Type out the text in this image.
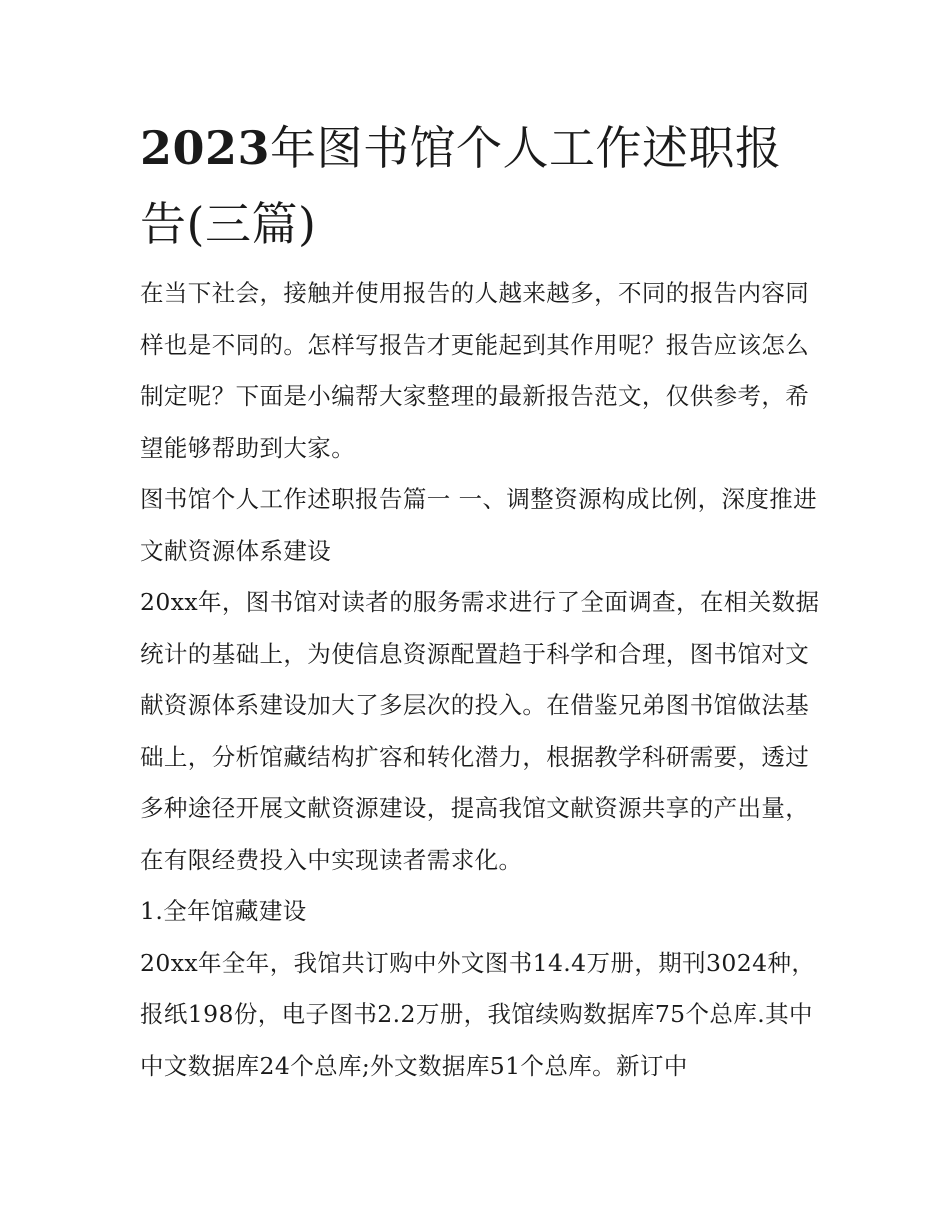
2023年图书馆个人工作述职报告(三篇)

在当下社会，接触并使用报告的人越来越多，不同的报告内容同样也是不同的。怎样写报告才更能起到其作用呢？报告应该怎么制定呢？下面是小编帮大家整理的最新报告范文，仅供参考，希望能够帮助到大家。

图书馆个人工作述职报告篇一 一、调整资源构成比例，深度推进文献资源体系建设

20xx年，图书馆对读者的服务需求进行了全面调查，在相关数据统计的基础上，为使信息资源配置趋于科学和合理，图书馆对文献资源体系建设加大了多层次的投入。在借鉴兄弟图书馆做法基础上，分析馆藏结构扩容和转化潜力，根据教学科研需要，透过多种途径开展文献资源建设，提高我馆文献资源共享的产出量，在有限经费投入中实现读者需求化。

1.全年馆藏建设

20xx年全年，我馆共订购中外文图书14.4万册，期刊3024种，报纸198份，电子图书2.2万册，我馆续购数据库75个总库.其中中文数据库24个总库;外文数据库51个总库。新订中
